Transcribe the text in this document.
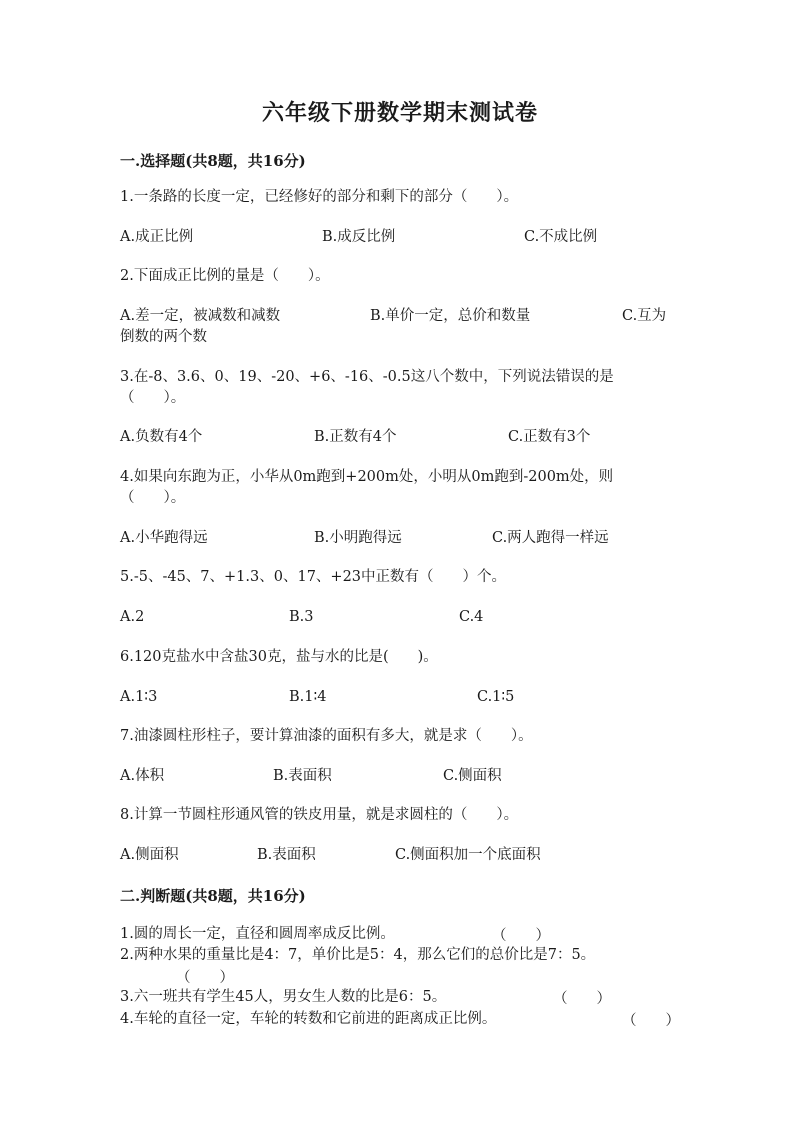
六年级下册数学期末测试卷
一.选择题(共8题，共16分)
1.一条路的长度一定，已经修好的部分和剩下的部分（　　）。
A.成正比例	B.成反比例	C.不成比例
2.下面成正比例的量是（　　）。
A.差一定，被减数和减数	B.单价一定，总价和数量	C.互为
倒数的两个数
3.在-8、3.6、0、19、-20、+6、-16、-0.5这八个数中，下列说法错误的是
（　　）。
A.负数有4个	B.正数有4个	C.正数有3个
4.如果向东跑为正，小华从0m跑到+200m处，小明从0m跑到-200m处，则
（　　）。
A.小华跑得远	B.小明跑得远	C.两人跑得一样远
5.-5、-45、7、+1.3、0、17、+23中正数有（　　）个。
A.2	B.3	C.4
6.120克盐水中含盐30克，盐与水的比是(　　)。
A.1∶3	B.1∶4	C.1∶5
7.油漆圆柱形柱子，要计算油漆的面积有多大，就是求（　　）。
A.体积	B.表面积	C.侧面积
8.计算一节圆柱形通风管的铁皮用量，就是求圆柱的（　　）。
A.侧面积	B.表面积	C.侧面积加一个底面积
二.判断题(共8题，共16分)
1.圆的周长一定，直径和圆周率成反比例。	（　　）
2.两种水果的重量比是4：7，单价比是5：4，那么它们的总价比是7：5。
（　　）
3.六一班共有学生45人，男女生人数的比是6：5。	（　　）
4.车轮的直径一定，车轮的转数和它前进的距离成正比例。	（　　）
